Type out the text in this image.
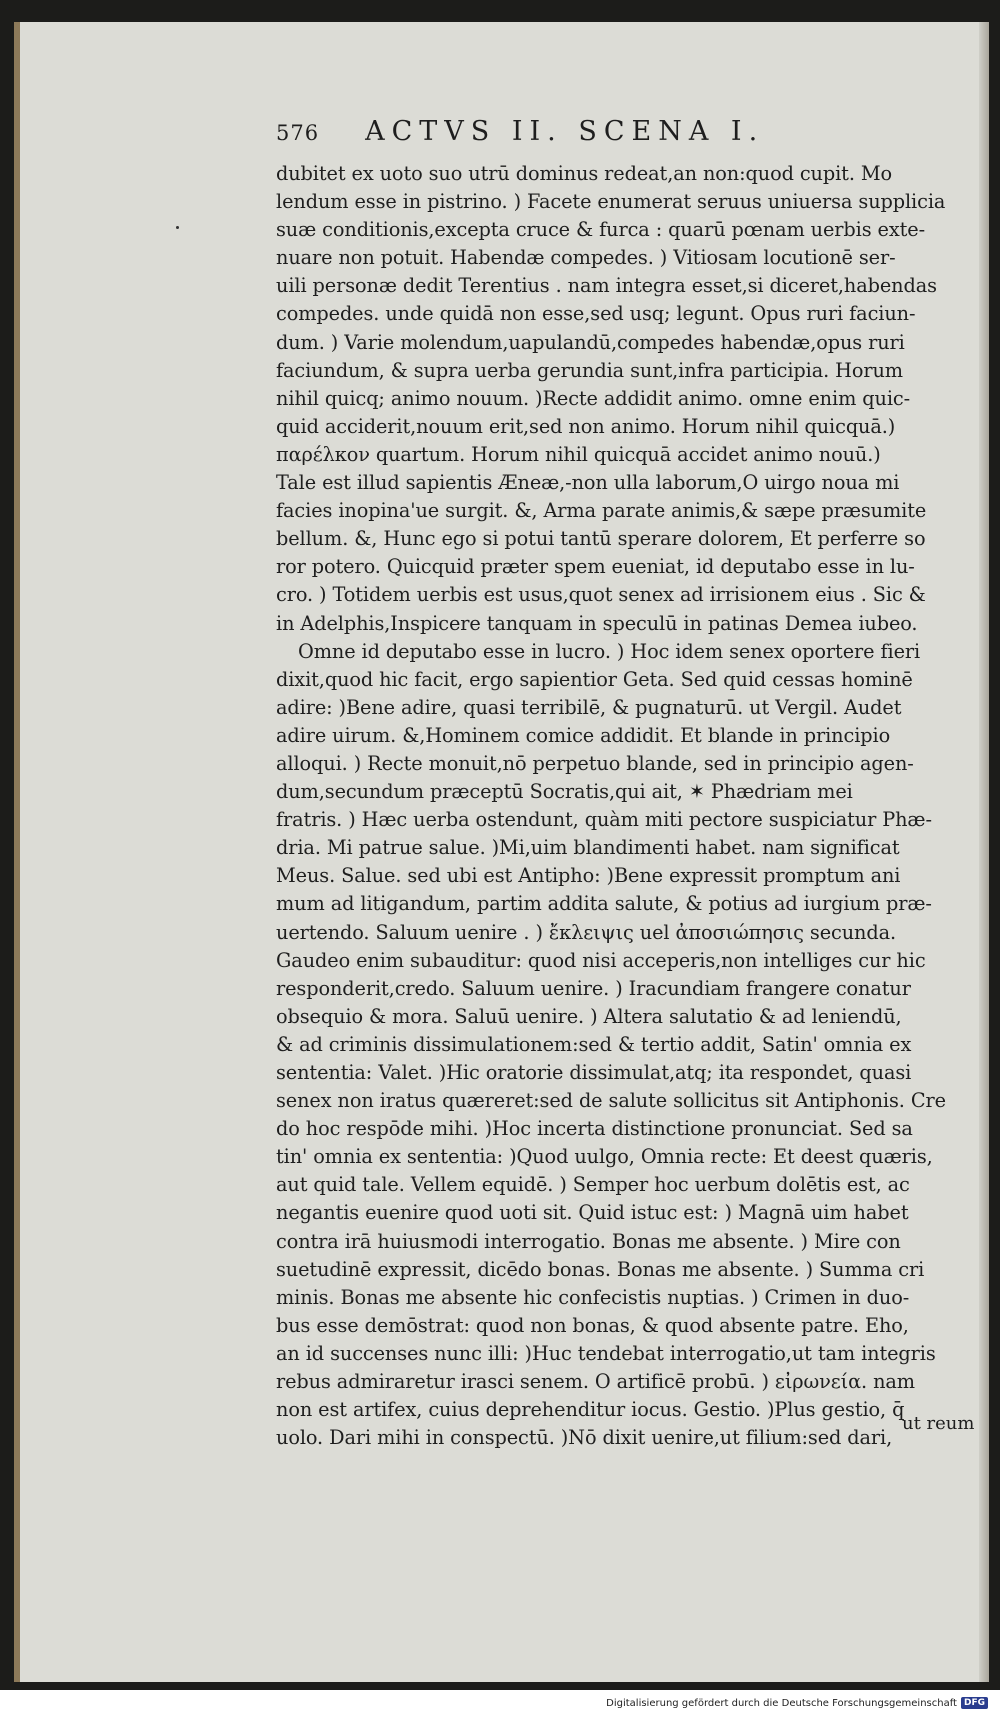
576 ACTVS II. SCENA I.
dubitet ex uoto suo utrū dominus redeat,an non:quod cupit. Mo
lendum esse in pistrino. ) Facete enumerat seruus uniuersa supplicia
suæ conditionis,excepta cruce & furca : quarū pœnam uerbis exte-
nuare non potuit. Habendæ compedes. ) Vitiosam locutionē ser-
uili personæ dedit Terentius . nam integra esset,si diceret,habendas
compedes. unde quidā non esse,sed usq; legunt. Opus ruri faciun-
dum. ) Varie molendum,uapulandū,compedes habendæ,opus ruri
faciundum, & supra uerba gerundia sunt,infra participia. Horum
nihil quicq; animo nouum. )Recte addidit animo. omne enim quic-
quid acciderit,nouum erit,sed non animo. Horum nihil quicquā.)
παρέλκον quartum. Horum nihil quicquā accidet animo nouū.)
Tale est illud sapientis Æneæ,-non ulla laborum,O uirgo noua mi
facies inopina'ue surgit. &, Arma parate animis,& sæpe præsumite
bellum. &, Hunc ego si potui tantū sperare dolorem, Et perferre so
ror potero. Quicquid præter spem eueniat, id deputabo esse in lu-
cro. ) Totidem uerbis est usus,quot senex ad irrisionem eius . Sic &
in Adelphis,Inspicere tanquam in speculū in patinas Demea iubeo.
Omne id deputabo esse in lucro. ) Hoc idem senex oportere fieri
dixit,quod hic facit, ergo sapientior Geta. Sed quid cessas hominē
adire: )Bene adire, quasi terribilē, & pugnaturū. ut Vergil. Audet
adire uirum. &,Hominem comice addidit. Et blande in principio
alloqui. ) Recte monuit,nō perpetuo blande, sed in principio agen-
dum,secundum præceptū Socratis,qui ait, ✶ Phædriam mei
fratris. ) Hæc uerba ostendunt, quàm miti pectore suspiciatur Phæ-
dria. Mi patrue salue. )Mi,uim blandimenti habet. nam significat
Meus. Salue. sed ubi est Antipho: )Bene expressit promptum ani
mum ad litigandum, partim addita salute, & potius ad iurgium præ-
uertendo. Saluum uenire . ) ἔκλειψις uel ἀποσιώπησις secunda.
Gaudeo enim subauditur: quod nisi acceperis,non intelliges cur hic
responderit,credo. Saluum uenire. ) Iracundiam frangere conatur
obsequio & mora. Saluū uenire. ) Altera salutatio & ad leniendū,
& ad criminis dissimulationem:sed & tertio addit, Satin' omnia ex
sententia: Valet. )Hic oratorie dissimulat,atq; ita respondet, quasi
senex non iratus quæreret:sed de salute sollicitus sit Antiphonis. Cre
do hoc respōde mihi. )Hoc incerta distinctione pronunciat. Sed sa
tin' omnia ex sententia: )Quod uulgo, Omnia recte: Et deest quæris,
aut quid tale. Vellem equidē. ) Semper hoc uerbum dolētis est, ac
negantis euenire quod uoti sit. Quid istuc est: ) Magnā uim habet
contra irā huiusmodi interrogatio. Bonas me absente. ) Mire con
suetudinē expressit, dicēdo bonas. Bonas me absente. ) Summa cri
minis. Bonas me absente hic confecistis nuptias. ) Crimen in duo-
bus esse demōstrat: quod non bonas, & quod absente patre. Eho,
an id succenses nunc illi: )Huc tendebat interrogatio,ut tam integris
rebus admiraretur irasci senem. O artificē probū. ) εἰρωνεία. nam
non est artifex, cuius deprehenditur iocus. Gestio. )Plus gestio, q̄
uolo. Dari mihi in conspectū. )Nō dixit uenire,ut filium:sed dari,
ut reum
Digitalisierung gefördert durch die Deutsche Forschungsgemeinschaft DFG
